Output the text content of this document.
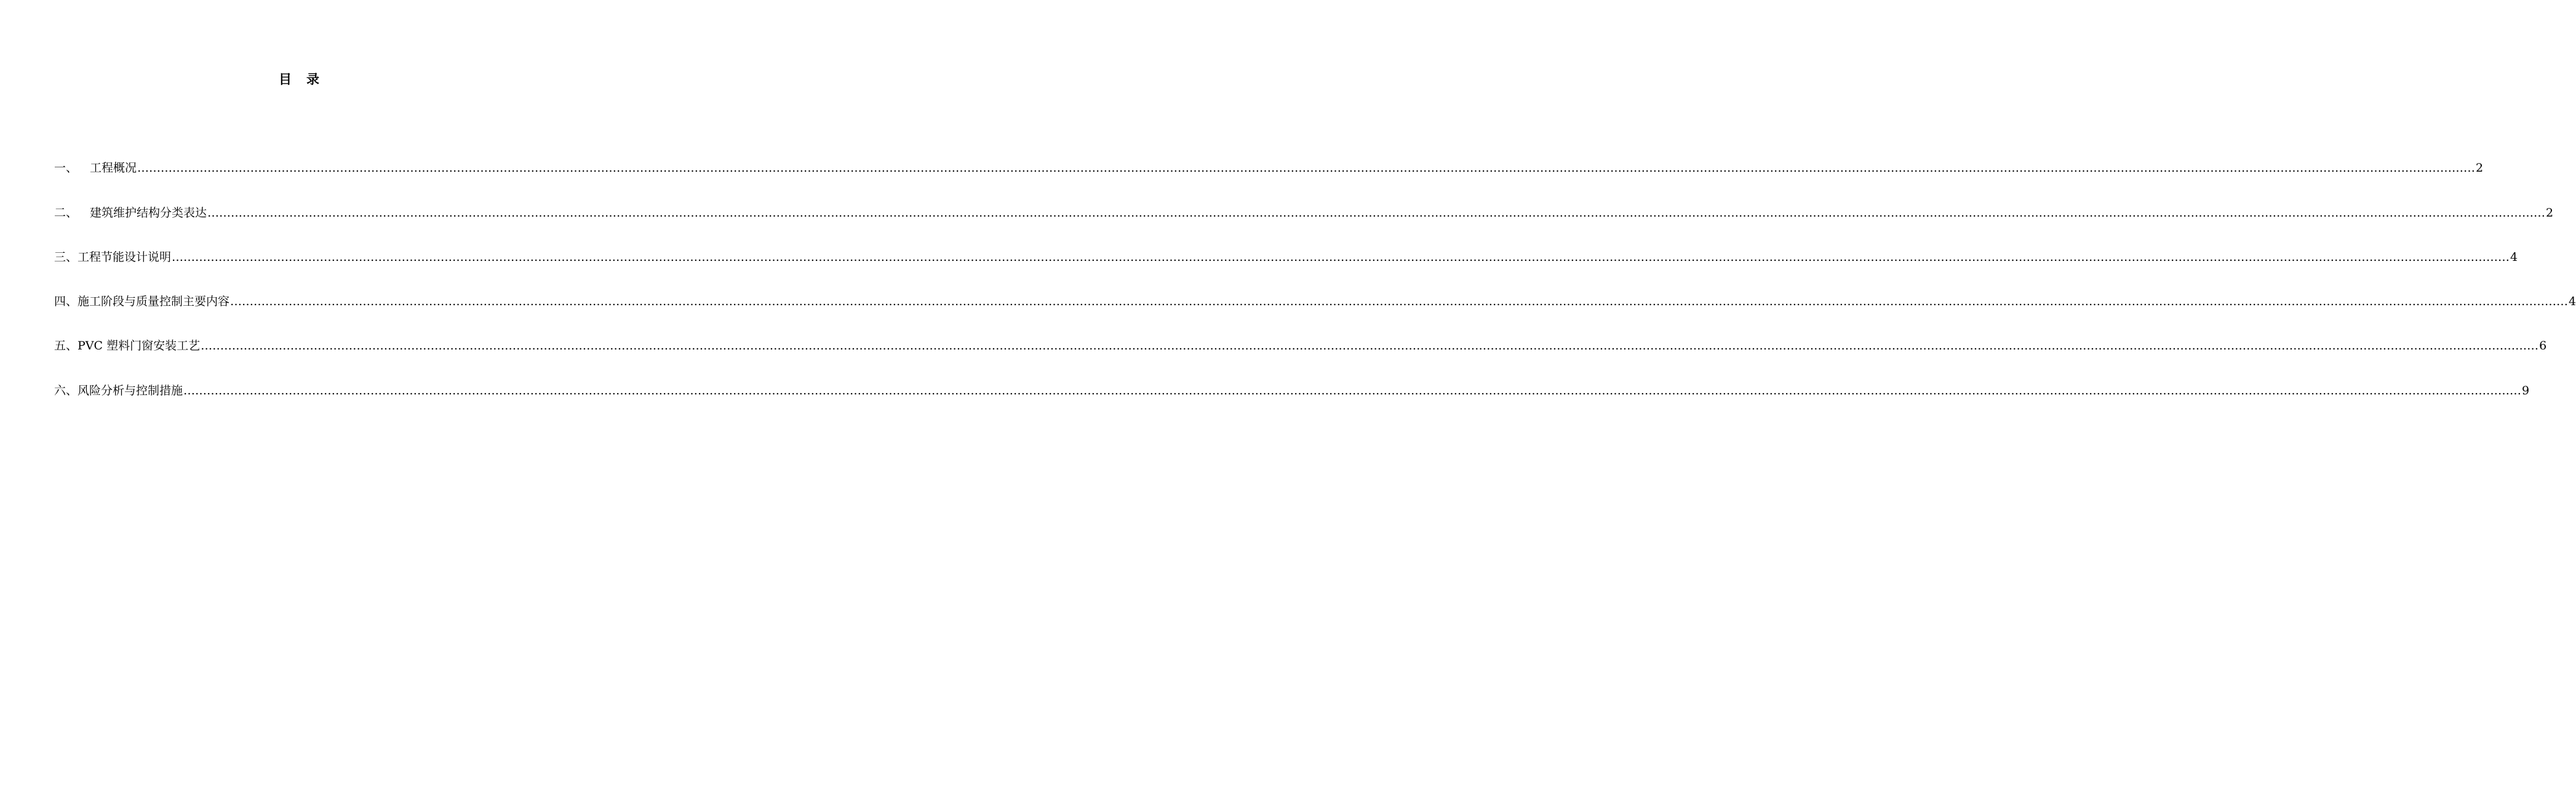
目 录
一、 工程概况 …………………………………………………………………………………………………………………………………………………………………………………………………………………………………………………………………………………………………………………………………………………………………………………………………………………………………………………………………………………………………………………………………………………… 2
二、 建筑维护结构分类表达 …………………………………………………………………………………………………………………………………………………………………………………………………………………………………………………………………………………………………………………………………………………………………………………………………………………………………………………………………………………………………………………………………………………… 2
三、 工程节能设计说明 …………………………………………………………………………………………………………………………………………………………………………………………………………………………………………………………………………………………………………………………………………………………………………………………………………………………………………………………………………………………………………………………………………………… 4
四、 施工阶段与质量控制主要内容 …………………………………………………………………………………………………………………………………………………………………………………………………………………………………………………………………………………………………………………………………………………………………………………………………………………………………………………………………………………………………………………………………………………… 4
五、 PVC 塑料门窗安装工艺 …………………………………………………………………………………………………………………………………………………………………………………………………………………………………………………………………………………………………………………………………………………………………………………………………………………………………………………………………………………………………………………………………………………… 6
六、 风险分析与控制措施 …………………………………………………………………………………………………………………………………………………………………………………………………………………………………………………………………………………………………………………………………………………………………………………………………………………………………………………………………………………………………………………………………………………… 9
